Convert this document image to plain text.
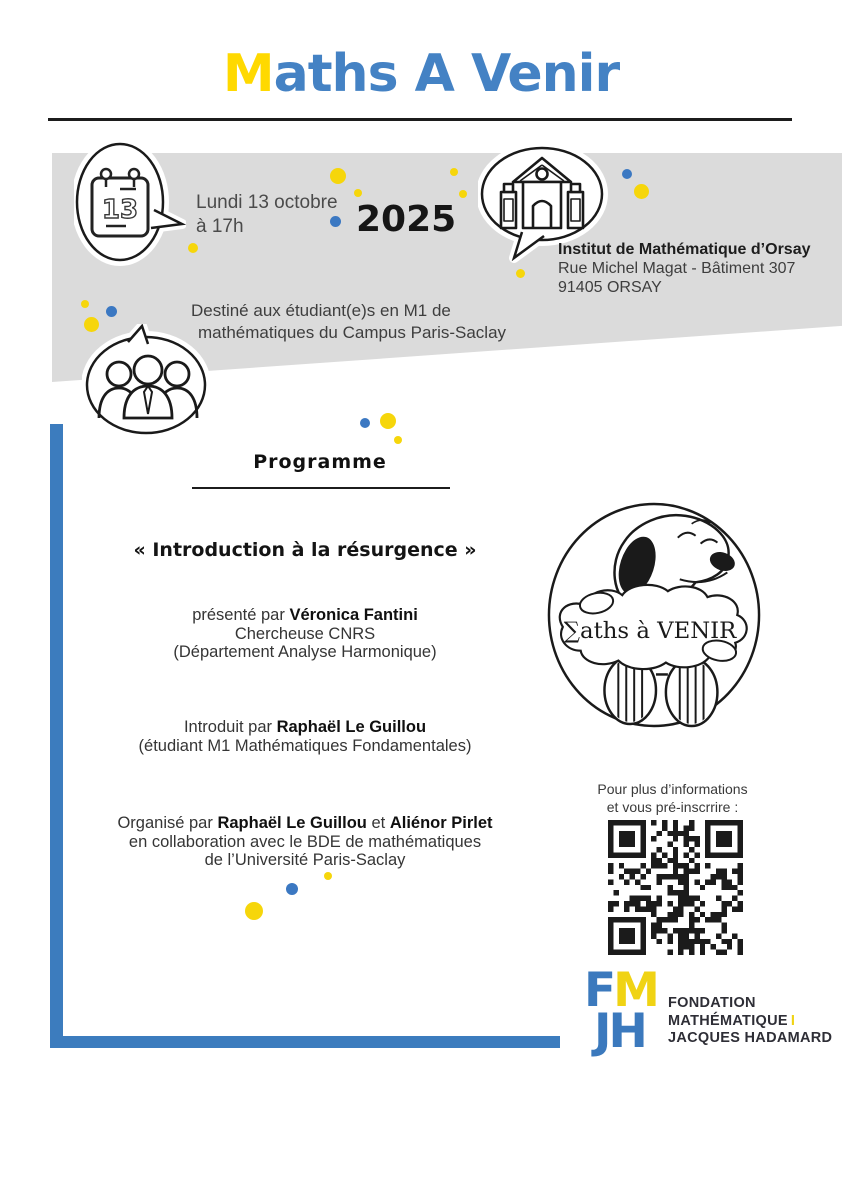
Maths A Venir
13	Lundi 13 octobre
à 17h	2025
Institut de Mathématique d’Orsay
Rue Michel Magat - Bâtiment 307
91405 ORSAY
Destiné aux étudiant(e)s en M1 de
mathématiques du Campus Paris-Saclay
Programme
« Introduction à la résurgence »
présenté par Véronica Fantini
Chercheuse CNRS
(Département Analyse Harmonique)
Introduit par Raphaël Le Guillou
(étudiant M1 Mathématiques Fondamentales)
Organisé par Raphaël Le Guillou et Aliénor Pirlet
en collaboration avec le BDE de mathématiques
de l’Université Paris-Saclay
∑aths à VENIR
Pour plus d’informations
et vous pré-inscrrire :
FM
JH
FONDATION
MATHÉMATIQUE I
JACQUES HADAMARD
